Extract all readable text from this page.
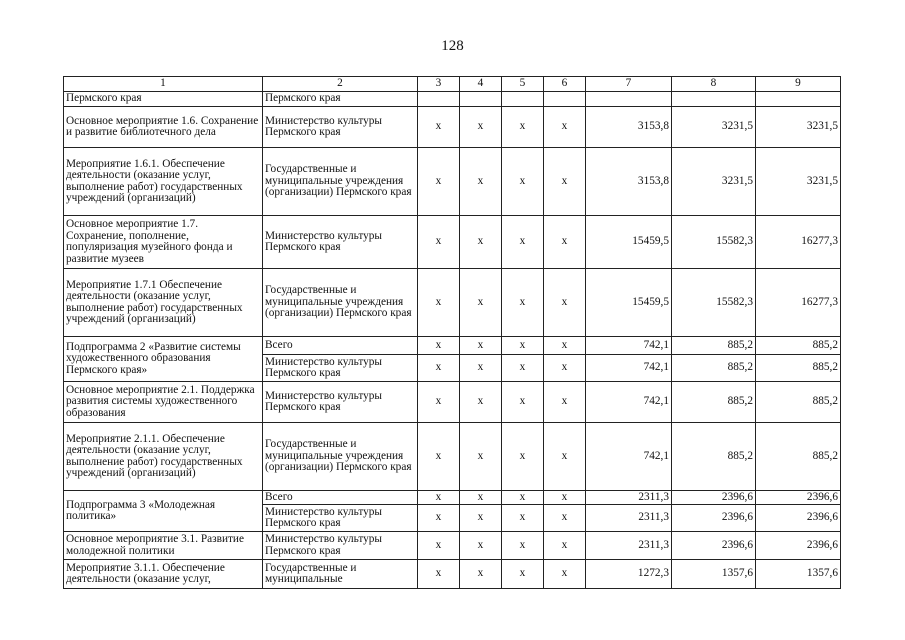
128
1	2	3	4	5	6	7	8	9
Пермского края	Пермского края							
Основное мероприятие 1.6. Сохранение и развитие библиотечного дела	Министерство культуры Пермского края	x	x	x	x	3153,8	3231,5	3231,5
Мероприятие 1.6.1. Обеспечение деятельности (оказание услуг, выполнение работ) государственных учреждений (организаций)	Государственные и муниципальные учреждения (организации) Пермского края	x	x	x	x	3153,8	3231,5	3231,5
Основное мероприятие 1.7. Сохранение, пополнение, популяризация музейного фонда и развитие музеев	Министерство культуры Пермского края	x	x	x	x	15459,5	15582,3	16277,3
Мероприятие 1.7.1 Обеспечение деятельности (оказание услуг, выполнение работ) государственных учреждений (организаций)	Государственные и муниципальные учреждения (организации) Пермского края	x	x	x	x	15459,5	15582,3	16277,3
Подпрограмма 2 «Развитие системы художественного образования Пермского края»	Всего	x	x	x	x	742,1	885,2	885,2
	Министерство культуры Пермского края	x	x	x	x	742,1	885,2	885,2
Основное мероприятие 2.1. Поддержка развития системы художественного образования	Министерство культуры Пермского края	x	x	x	x	742,1	885,2	885,2
Мероприятие 2.1.1. Обеспечение деятельности (оказание услуг, выполнение работ) государственных учреждений (организаций)	Государственные и муниципальные учреждения (организации) Пермского края	x	x	x	x	742,1	885,2	885,2
Подпрограмма 3 «Молодежная политика»	Всего	x	x	x	x	2311,3	2396,6	2396,6
	Министерство культуры Пермского края	x	x	x	x	2311,3	2396,6	2396,6
Основное мероприятие 3.1. Развитие молодежной политики	Министерство культуры Пермского края	x	x	x	x	2311,3	2396,6	2396,6
Мероприятие 3.1.1. Обеспечение деятельности (оказание услуг,	Государственные и муниципальные	x	x	x	x	1272,3	1357,6	1357,6
